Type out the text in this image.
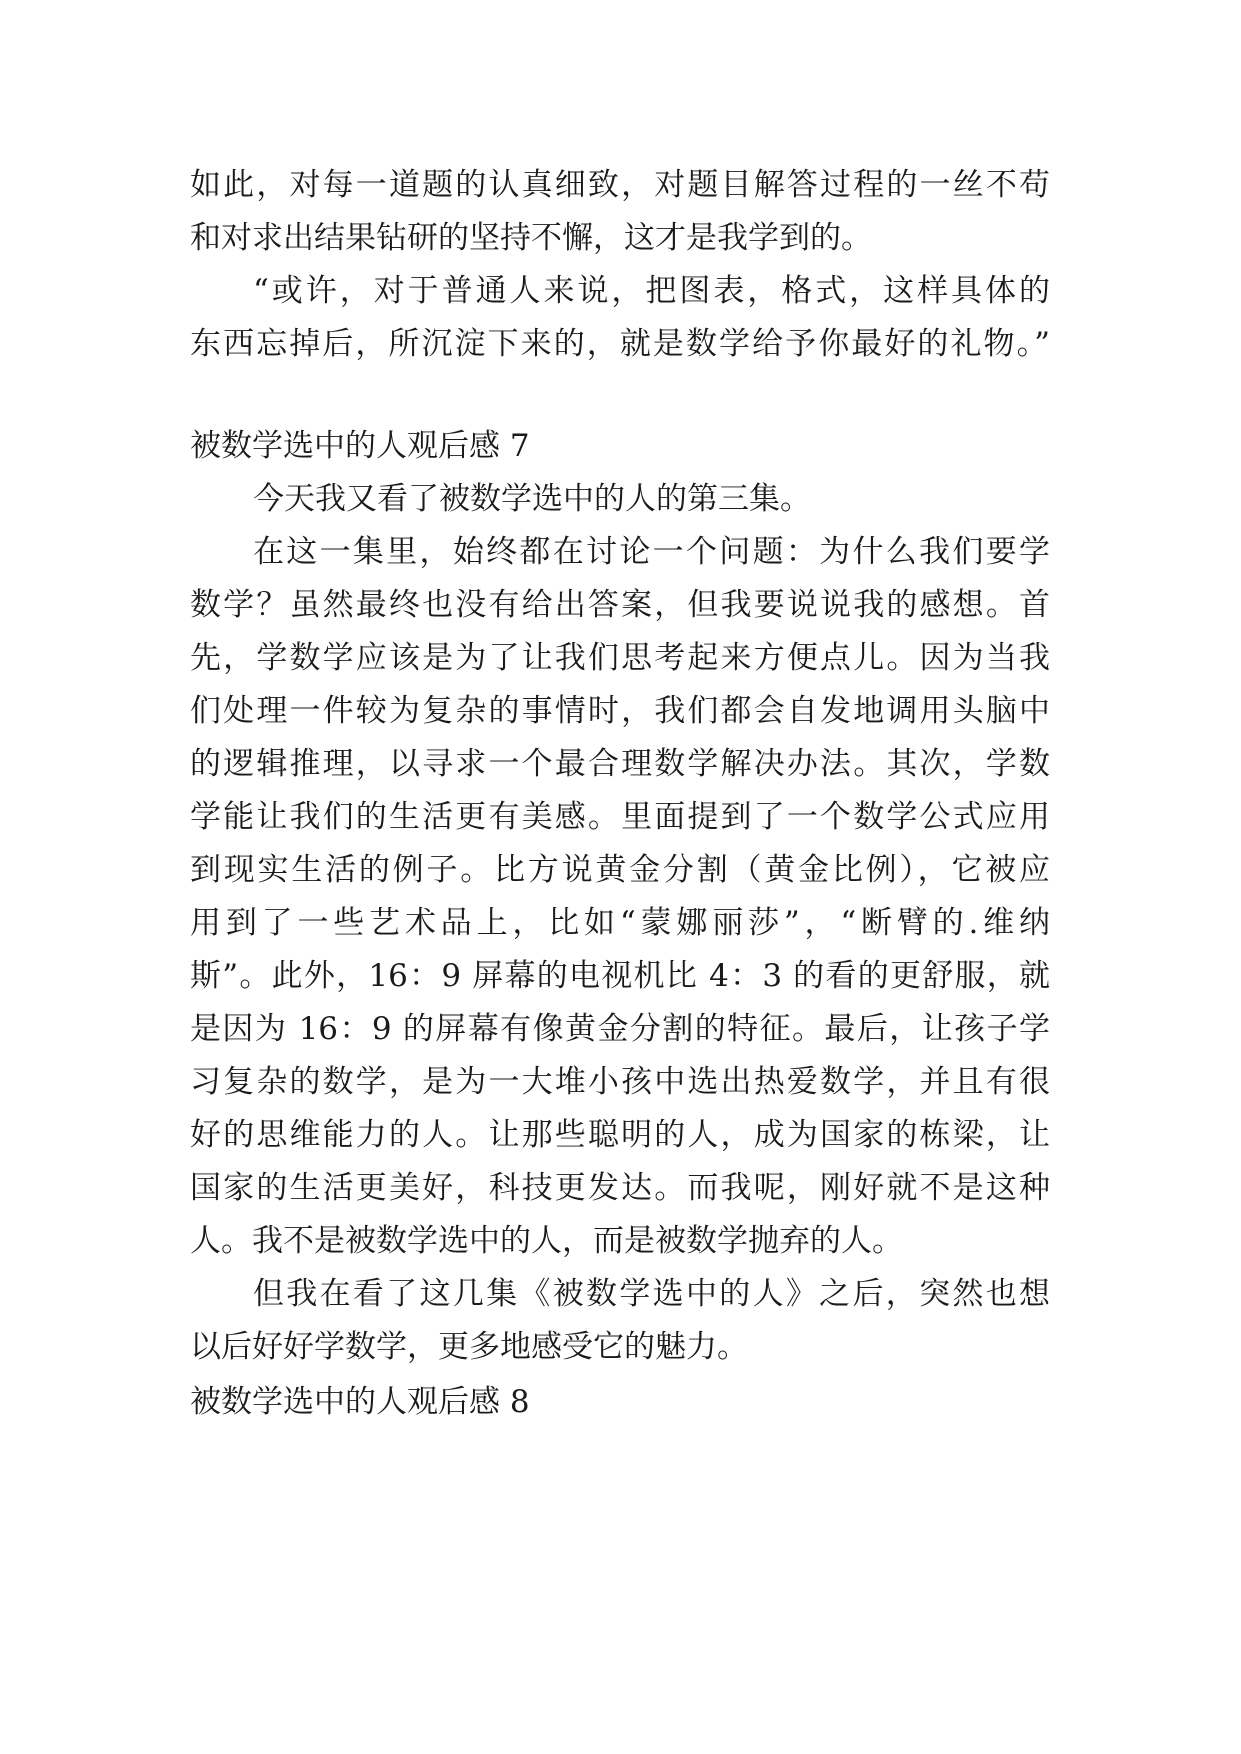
如此，对每一道题的认真细致，对题目解答过程的一丝不苟
和对求出结果钻研的坚持不懈，这才是我学到的。
“或许，对于普通人来说，把图表，格式，这样具体的
东西忘掉后，所沉淀下来的，就是数学给予你最好的礼物。”
被数学选中的人观后感 7
今天我又看了被数学选中的人的第三集。
在这一集里，始终都在讨论一个问题：为什么我们要学
数学？虽然最终也没有给出答案，但我要说说我的感想。首
先，学数学应该是为了让我们思考起来方便点儿。因为当我
们处理一件较为复杂的事情时，我们都会自发地调用头脑中
的逻辑推理，以寻求一个最合理数学解决办法。其次，学数
学能让我们的生活更有美感。里面提到了一个数学公式应用
到现实生活的例子。比方说黄金分割（黄金比例），它被应
用到了一些艺术品上，比如“蒙娜丽莎”，“断臂的.维纳
斯”。此外，16：9 屏幕的电视机比 4：3 的看的更舒服，就
是因为 16：9 的屏幕有像黄金分割的特征。最后，让孩子学
习复杂的数学，是为一大堆小孩中选出热爱数学，并且有很
好的思维能力的人。让那些聪明的人，成为国家的栋梁，让
国家的生活更美好，科技更发达。而我呢，刚好就不是这种
人。我不是被数学选中的人，而是被数学抛弃的人。
但我在看了这几集《被数学选中的人》之后，突然也想
以后好好学数学，更多地感受它的魅力。
被数学选中的人观后感 8
